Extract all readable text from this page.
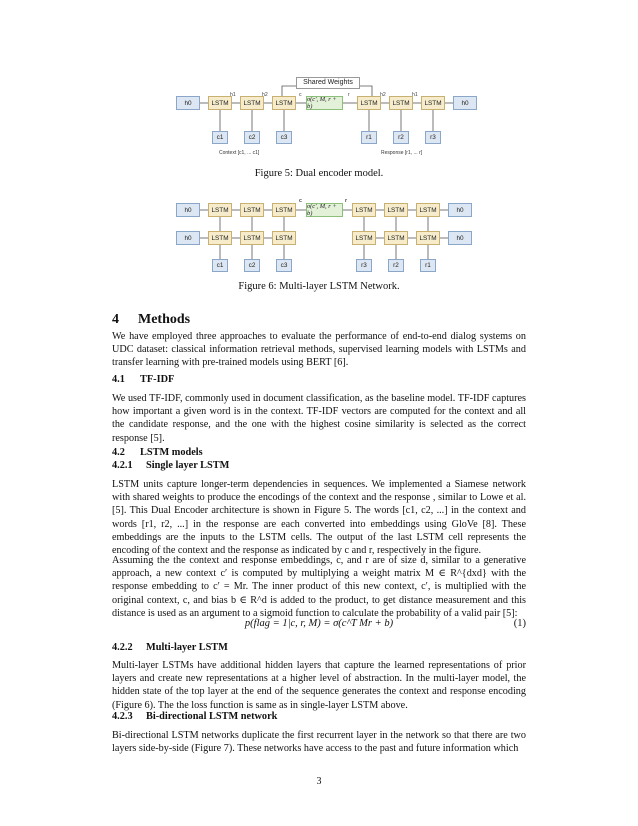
Shared Weights
h0	LSTM	LSTM	LSTM	σ(c′, M, r + b)	LSTM	LSTM	LSTM	h0
h1	h2	c	r	h2	h1
c1	c2	c3	r1	r2	r3
Context [c1, ... c1]	Response [r1, ... r]
Figure 5: Dual encoder model.
h0	LSTM	LSTM	LSTM	σ(c′, M, r + b)	LSTM	LSTM	LSTM	h0
c	r
h0	LSTM	LSTM	LSTM	LSTM	LSTM	LSTM	h0
c1	c2	c3	r3	r2	r1
Figure 6: Multi-layer LSTM Network.
4 Methods

We have employed three approaches to evaluate the performance of end-to-end dialog systems on UDC dataset: classical information retrieval methods, supervised learning models with LSTMs and transfer learning with pre-trained models using BERT [6].

4.1 TF-IDF

We used TF-IDF, commonly used in document classification, as the baseline model. TF-IDF captures how important a given word is in the context. TF-IDF vectors are computed for the context and all the candidate response, and the one with the highest cosine similarity is selected as the correct response [5].

4.2 LSTM models
4.2.1 Single layer LSTM

LSTM units capture longer-term dependencies in sequences. We implemented a Siamese network with shared weights to produce the encodings of the context and the response , similar to Lowe et al. [5]. This Dual Encoder architecture is shown in Figure 5. The words [c1, c2, ...] in the context and words [r1, r2, ...] in the response are each converted into embeddings using GloVe [8]. These embeddings are the inputs to the LSTM cells. The output of the last LSTM cell represents the encoding of the context and the response as indicated by c and r, respectively in the figure.

Assuming the the context and response embeddings, c, and r are of size d, similar to a generative approach, a new context c′ is computed by multiplying a weight matrix M ∈ R^{dxd} with the response embedding to c′ = Mr. The inner product of this new context, c′, is multiplied with the original context, c, and bias b ∈ R^d is added to the product, to get distance measurement and this distance is used as an argument to a sigmoid function to calculate the probability of a valid pair [5]:

p(flag = 1|c, r, M) = σ(c^T Mr + b)	(1)
4.2.2 Multi-layer LSTM

Multi-layer LSTMs have additional hidden layers that capture the learned representations of prior layers and create new representations at a higher level of abstraction. In the multi-layer model, the hidden state of the top layer at the end of the sequence generates the context and response encoding (Figure 6). The the loss function is same as in single-layer LSTM above.

4.2.3 Bi-directional LSTM network

Bi-directional LSTM networks duplicate the first recurrent layer in the network so that there are two layers side-by-side (Figure 7). These networks have access to the past and future information which

3
